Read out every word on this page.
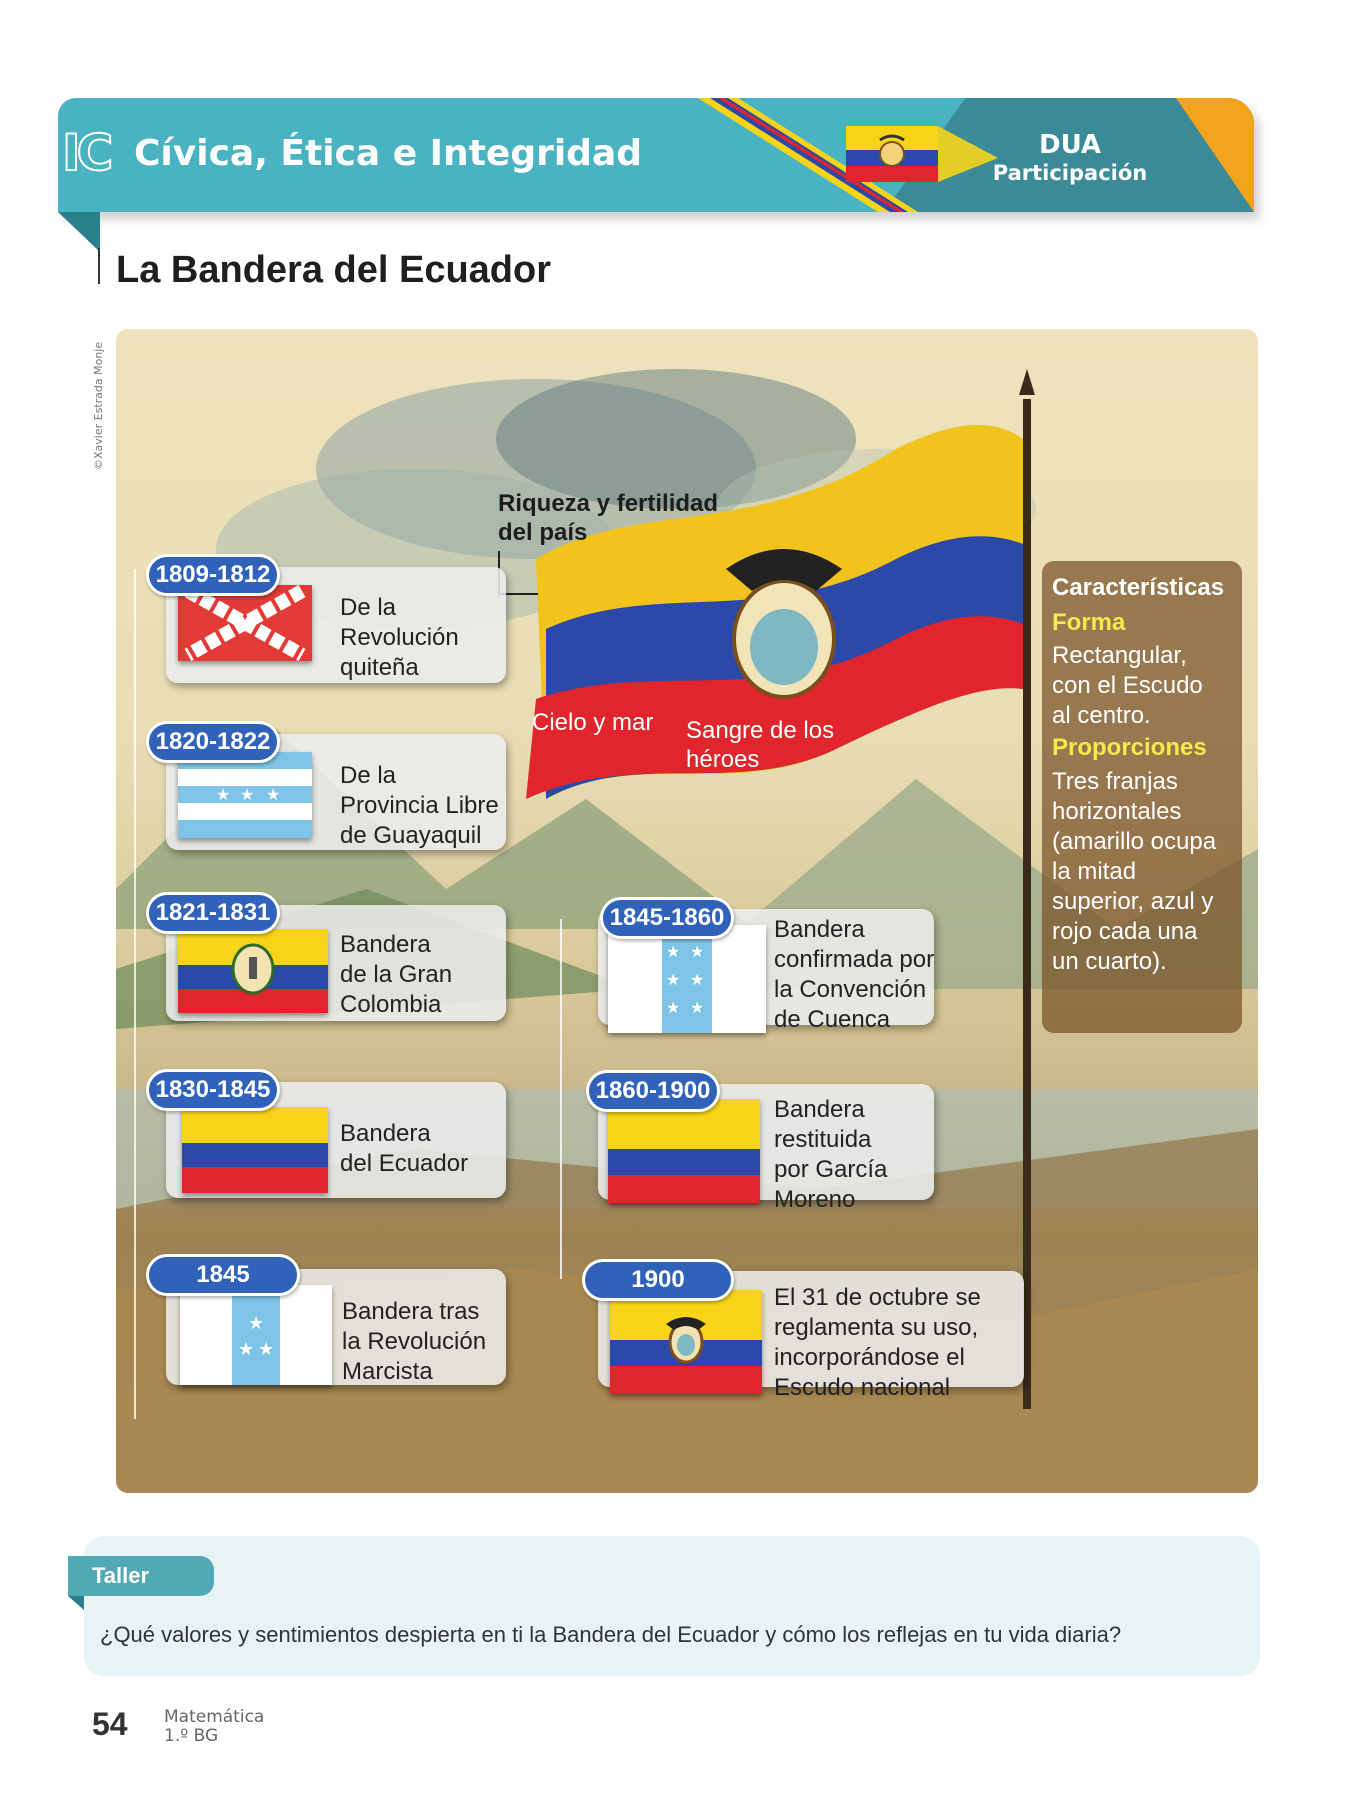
IC Cívica, Ética e Integridad	DUA
Participación
La Bandera del Ecuador
©Xavier Estrada Monje
Riqueza y fertilidad
del país
Cielo y mar Sangre de los
héroes
Características
Forma
Rectangular,
con el Escudo
al centro.
Proporciones
Tres franjas
horizontales
(amarillo ocupa
la mitad
superior, azul y
rojo cada una
un cuarto).
1809-1812
De la
Revolución
quiteña
★ ★ ★
1820-1822
De la
Provincia Libre
de Guayaquil
1821-1831
Bandera
de la Gran
Colombia
1830-1845
Bandera
del Ecuador
★
★ ★
1845
Bandera tras
la Revolución
Marcista
★ ★
★ ★
★ ★
1845-1860	Bandera
confirmada por
la Convención
de Cuenca
1860-1900
Bandera
restituida
por García
Moreno
1900
El 31 de octubre se
reglamenta su uso,
incorporándose el
Escudo nacional
Taller
¿Qué valores y sentimientos despierta en ti la Bandera del Ecuador y cómo los reflejas en tu vida diaria?
54 Matemática
1.º BG
